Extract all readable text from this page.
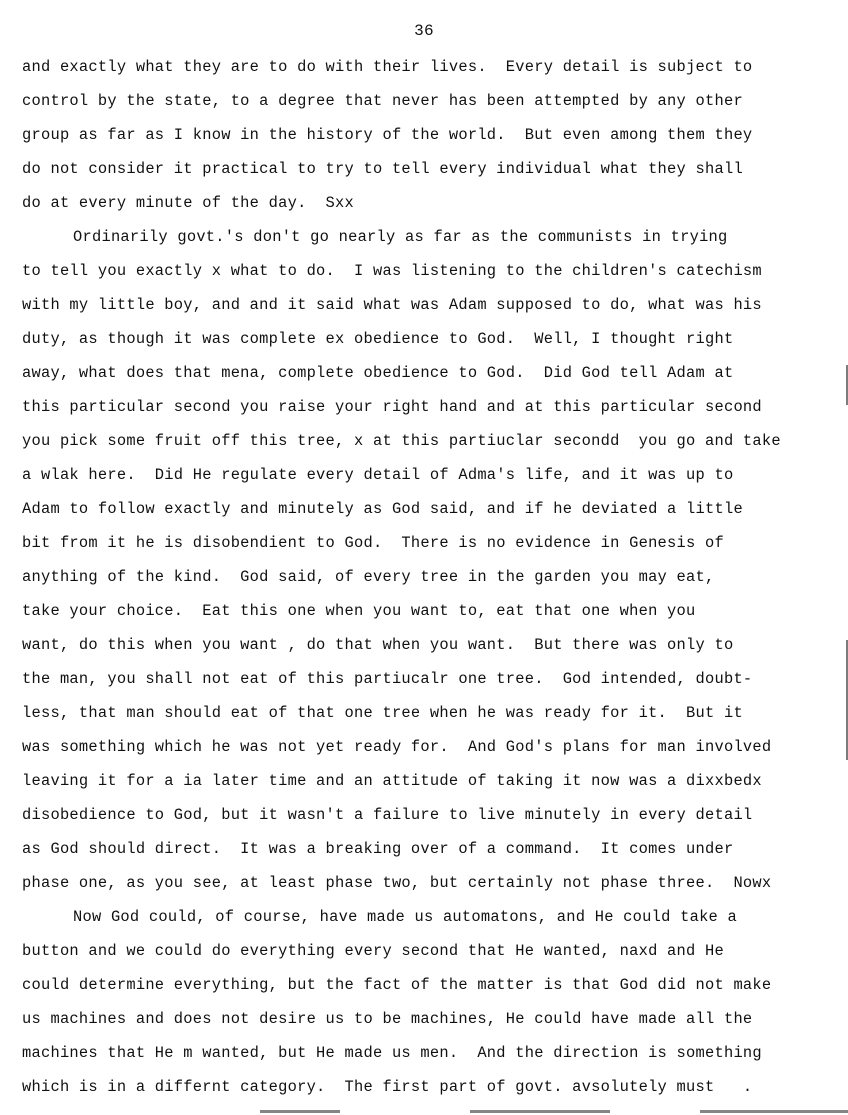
36
and exactly what they are to do with their lives.  Every detail is subject to
control by the state, to a degree that never has been attempted by any other
group as far as I know in the history of the world.  But even among them they
do not consider it practical to try to tell every individual what they shall
do at every minute of the day.  Sxx
Ordinarily govt.'s don't go nearly as far as the communists in trying
to tell you exactly x what to do.  I was listening to the children's catechism
with my little boy, and and it said what was Adam supposed to do, what was his
duty, as though it was complete ex obedience to God.  Well, I thought right
away, what does that mena, complete obedience to God.  Did God tell Adam at
this particular second you raise your right hand and at this particular second
you pick some fruit off this tree, x at this partiuclar secondd  you go and take
a wlak here.  Did He regulate every detail of Adma's life, and it was up to
Adam to follow exactly and minutely as God said, and if he deviated a little
bit from it he is disobendient to God.  There is no evidence in Genesis of
anything of the kind.  God said, of every tree in the garden you may eat,
take your choice.  Eat this one when you want to, eat that one when you
want, do this when you want , do that when you want.  But there was only to
the man, you shall not eat of this partiucalr one tree.  God intended, doubt-
less, that man should eat of that one tree when he was ready for it.  But it
was something which he was not yet ready for.  And God's plans for man involved
leaving it for a ia later time and an attitude of taking it now was a dixxbedx
disobedience to God, but it wasn't a failure to live minutely in every detail
as God should direct.  It was a breaking over of a command.  It comes under
phase one, as you see, at least phase two, but certainly not phase three.  Nowx
Now God could, of course, have made us automatons, and He could take a
button and we could do everything every second that He wanted, naxd and He
could determine everything, but the fact of the matter is that God did not make
us machines and does not desire us to be machines, He could have made all the
machines that He m wanted, but He made us men.  And the direction is something
which is in a differnt category.  The first part of govt. avsolutely must   .
